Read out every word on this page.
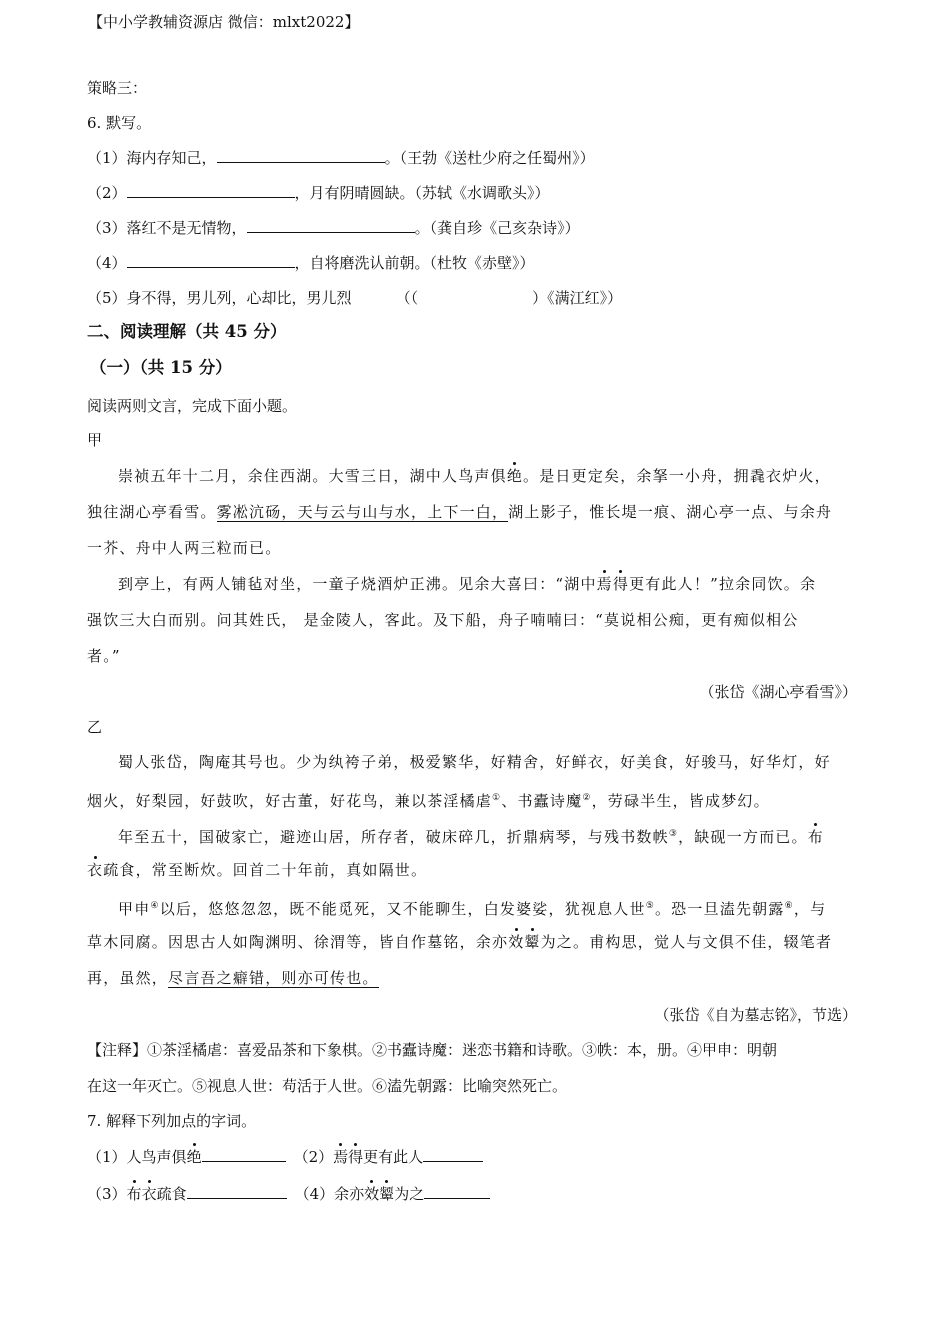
【中小学教辅资源店 微信：mlxt2022】
策略三：
6. 默写。
（1）海内存知己，	。（王勃《送杜少府之任蜀州》）
（2）	，月有阴晴圆缺。（苏轼《水调歌头》）
（3）落红不是无情物，	。（龚自珍《己亥杂诗》）
（4）	，自将磨洗认前朝。（杜牧《赤壁》）
（5）身不得，男儿列，心却比，男儿烈	（（	）《满江红》）
二、阅读理解（共 45 分）
（一）（共 15 分）
阅读两则文言，完成下面小题。
甲
崇祯五年十二月，余住西湖。大雪三日，湖中人鸟声俱绝。是日更定矣，余拏一小舟，拥毳衣炉火，
独往湖心亭看雪。雾凇沆砀，天与云与山与水，上下一白，湖上影子，惟长堤一痕、湖心亭一点、与余舟
一芥、舟中人两三粒而已。
到亭上，有两人铺毡对坐，一童子烧酒炉正沸。见余大喜曰：“湖中焉得更有此人！”拉余同饮。余
强饮三大白而别。问其姓氏， 是金陵人，客此。及下船，舟子喃喃曰：“莫说相公痴，更有痴似相公
者。”
（张岱《湖心亭看雪》）
乙
蜀人张岱，陶庵其号也。少为纨袴子弟，极爱繁华，好精舍，好鲜衣，好美食，好骏马，好华灯，好
烟火，好梨园，好鼓吹，好古董，好花鸟，兼以茶淫橘虐①、书蠹诗魔②，劳碌半生，皆成梦幻。
年至五十，国破家亡，避迹山居，所存者，破床碎几，折鼎病琴，与残书数帙③，缺砚一方而已。布
衣疏食，常至断炊。回首二十年前，真如隔世。
甲申④以后，悠悠忽忽，既不能觅死，又不能聊生，白发婆娑，犹视息人世⑤。恐一旦溘先朝露⑥，与
草木同腐。因思古人如陶渊明、徐渭等，皆自作墓铭，余亦效颦为之。甫构思，觉人与文俱不佳，辍笔者
再，虽然，尽言吾之癖错，则亦可传也。
（张岱《自为墓志铭》，节选）
【注释】①茶淫橘虐：喜爱品茶和下象棋。②书蠹诗魔：迷恋书籍和诗歌。③帙：本，册。④甲申：明朝
在这一年灭亡。⑤视息人世：苟活于人世。⑥溘先朝露：比喻突然死亡。
7. 解释下列加点的字词。
（1）人鸟声俱绝	（2）焉得更有此人
（3）布衣疏食	（4）余亦效颦为之
